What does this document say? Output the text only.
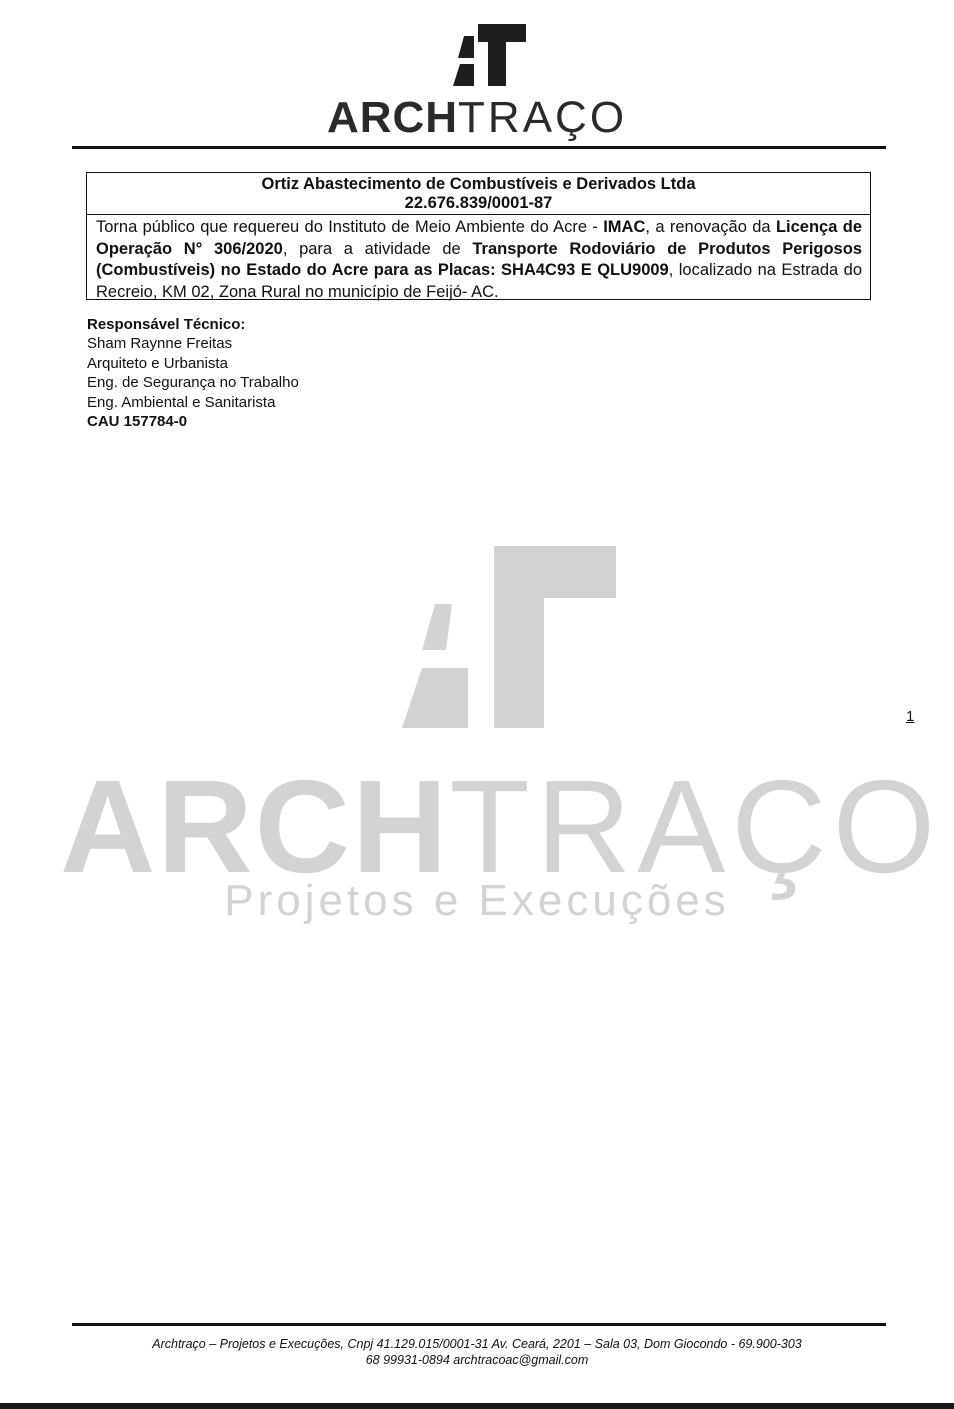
ARCHTRAÇO
Ortiz Abastecimento de Combustíveis e Derivados Ltda
22.676.839/0001-87
Torna público que requereu do Instituto de Meio Ambiente do Acre - IMAC, a renovação da Licença de Operação N° 306/2020, para a atividade de Transporte Rodoviário de Produtos Perigosos (Combustíveis) no Estado do Acre para as Placas: SHA4C93 E QLU9009, localizado na Estrada do Recreio, KM 02, Zona Rural no município de Feijó- AC.
Responsável Técnico:
Sham Raynne Freitas
Arquiteto e Urbanista
Eng. de Segurança no Trabalho
Eng. Ambiental e Sanitarista
CAU 157784-0
ARCHTRAÇO
Projetos e Execuções
1
Archtraço – Projetos e Execuções, Cnpj 41.129.015/0001-31 Av. Ceará, 2201 – Sala 03, Dom Giocondo - 69.900-303
68 99931-0894 archtracoac@gmail.com
